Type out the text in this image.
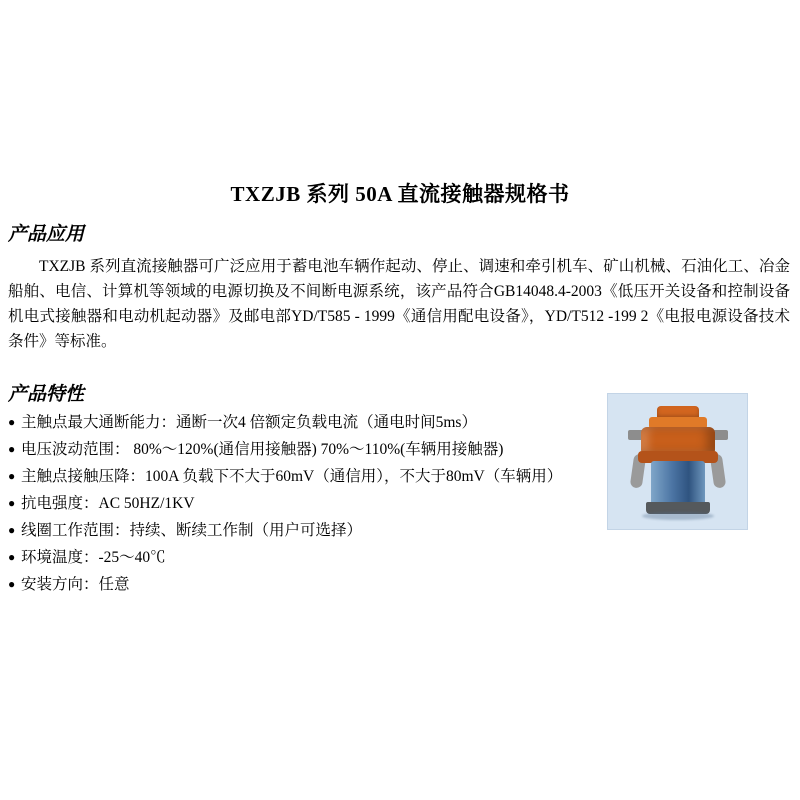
TXZJB 系列 50A 直流接触器规格书
产品应用
TXZJB 系列直流接触器可广泛应用于蓄电池车辆作起动、停止、调速和牵引机车、矿山机械、石油化工、冶金船舶、电信、计算机等领域的电源切换及不间断电源系统，该产品符合GB14048.4-2003《低压开关设备和控制设备机电式接触器和电动机起动器》及邮电部YD/T585 - 1999《通信用配电设备》，YD/T512 -199 2《电报电源设备技术条件》等标准。
产品特性
● 主触点最大通断能力：通断一次4 倍额定负载电流（通电时间5ms）
● 电压波动范围： 80%～120%(通信用接触器) 70%～110%(车辆用接触器)
● 主触点接触压降：100A 负载下不大于60mV（通信用），不大于80mV（车辆用）
● 抗电强度：AC 50HZ/1KV
● 线圈工作范围：持续、断续工作制（用户可选择）
● 环境温度：-25～40℃
● 安装方向：任意
